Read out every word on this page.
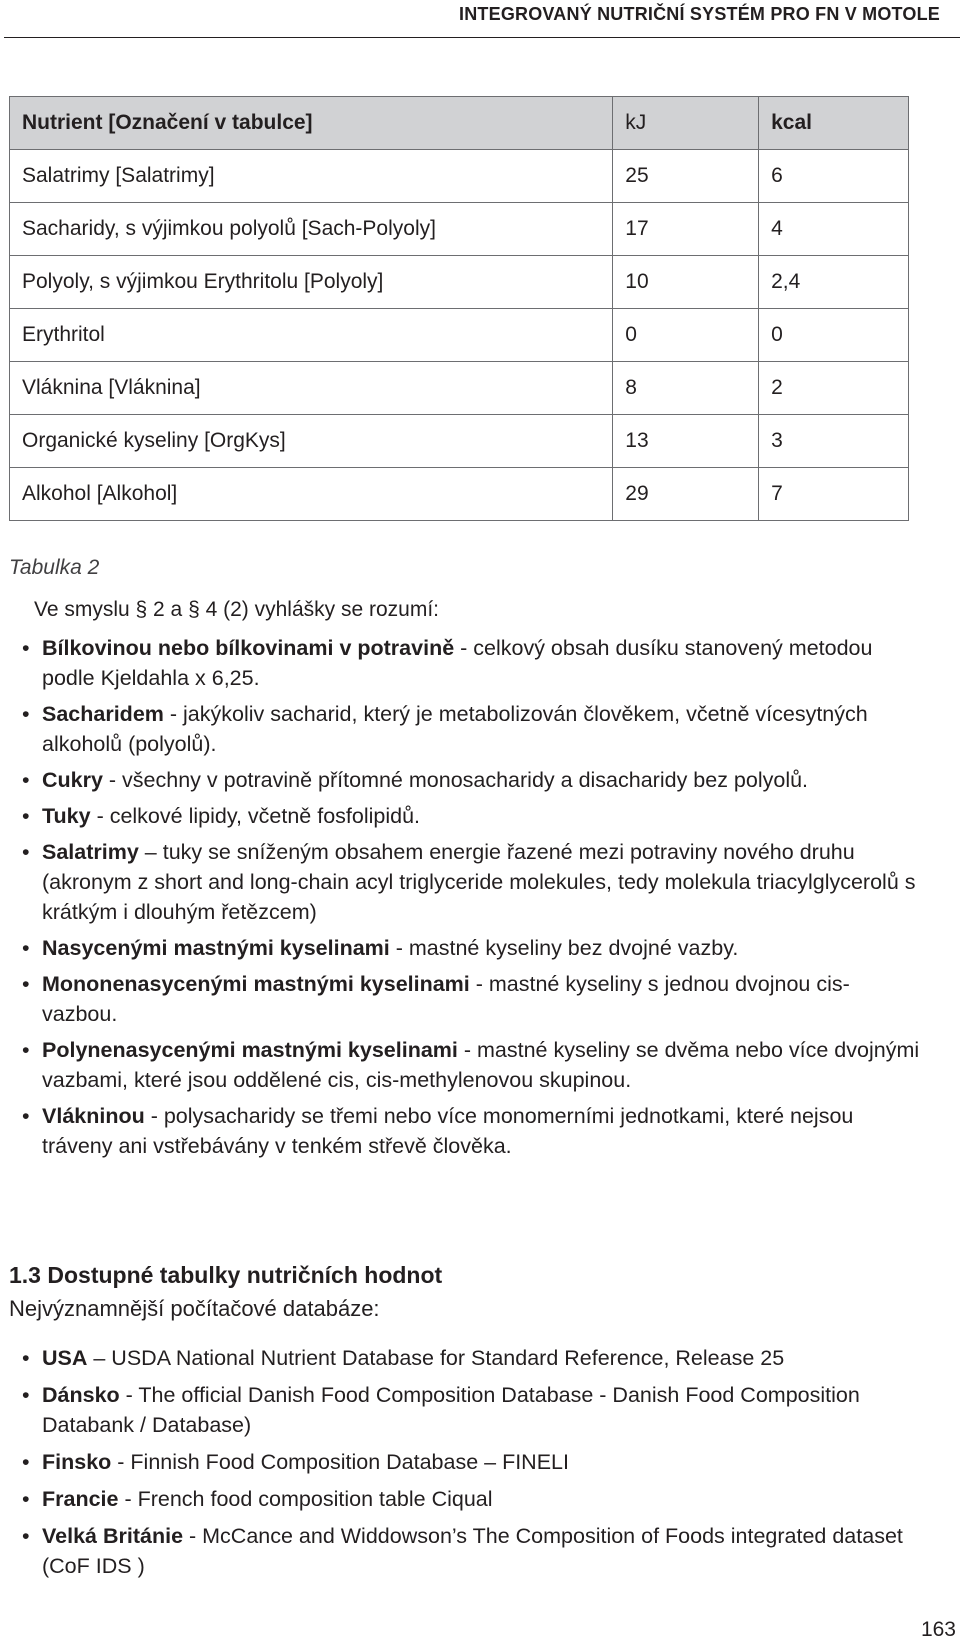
INTEGROVANÝ NUTRIČNÍ SYSTÉM PRO FN V MOTOLE
Nutrient [Označení v tabulce]	kJ	kcal
Salatrimy [Salatrimy]	25	6
Sacharidy, s výjimkou polyolů [Sach-Polyoly]	17	4
Polyoly, s výjimkou Erythritolu [Polyoly]	10	2,4
Erythritol	0	0
Vláknina [Vláknina]	8	2
Organické kyseliny [OrgKys]	13	3
Alkohol [Alkohol]	29	7
Tabulka 2
Ve smyslu § 2 a § 4 (2) vyhlášky se rozumí:
• Bílkovinou nebo bílkovinami v potravině - celkový obsah dusíku stanovený metodou podle Kjeldahla x 6,25.
• Sacharidem - jakýkoliv sacharid, který je metabolizován člověkem, včetně vícesytných alkoholů (polyolů).
• Cukry - všechny v potravině přítomné monosacharidy a disacharidy bez polyolů.
• Tuky - celkové lipidy, včetně fosfolipidů.
• Salatrimy – tuky se sníženým obsahem energie řazené mezi potraviny nového druhu (akronym z short and long-chain acyl triglyceride molekules, tedy molekula triacylglycerolů s krátkým i dlouhým řetězcem)
• Nasycenými mastnými kyselinami - mastné kyseliny bez dvojné vazby.
• Mononenasycenými mastnými kyselinami - mastné kyseliny s jednou dvojnou cis- vazbou.
• Polynenasycenými mastnými kyselinami - mastné kyseliny se dvěma nebo více dvojnými vazbami, které jsou oddělené cis, cis-methylenovou skupinou.
• Vlákninou - polysacharidy se třemi nebo více monomerními jednotkami, které nejsou tráveny ani vstřebávány v tenkém střevě člověka.
1.3 Dostupné tabulky nutričních hodnot
Nejvýznamnější počítačové databáze:
• USA – USDA National Nutrient Database for Standard Reference, Release 25
• Dánsko - The official Danish Food Composition Database - Danish Food Composition Databank / Database)
• Finsko - Finnish Food Composition Database – FINELI
• Francie - French food composition table Ciqual
• Velká Británie - McCance and Widdowson’s The Composition of Foods integrated dataset (CoF IDS )
163
